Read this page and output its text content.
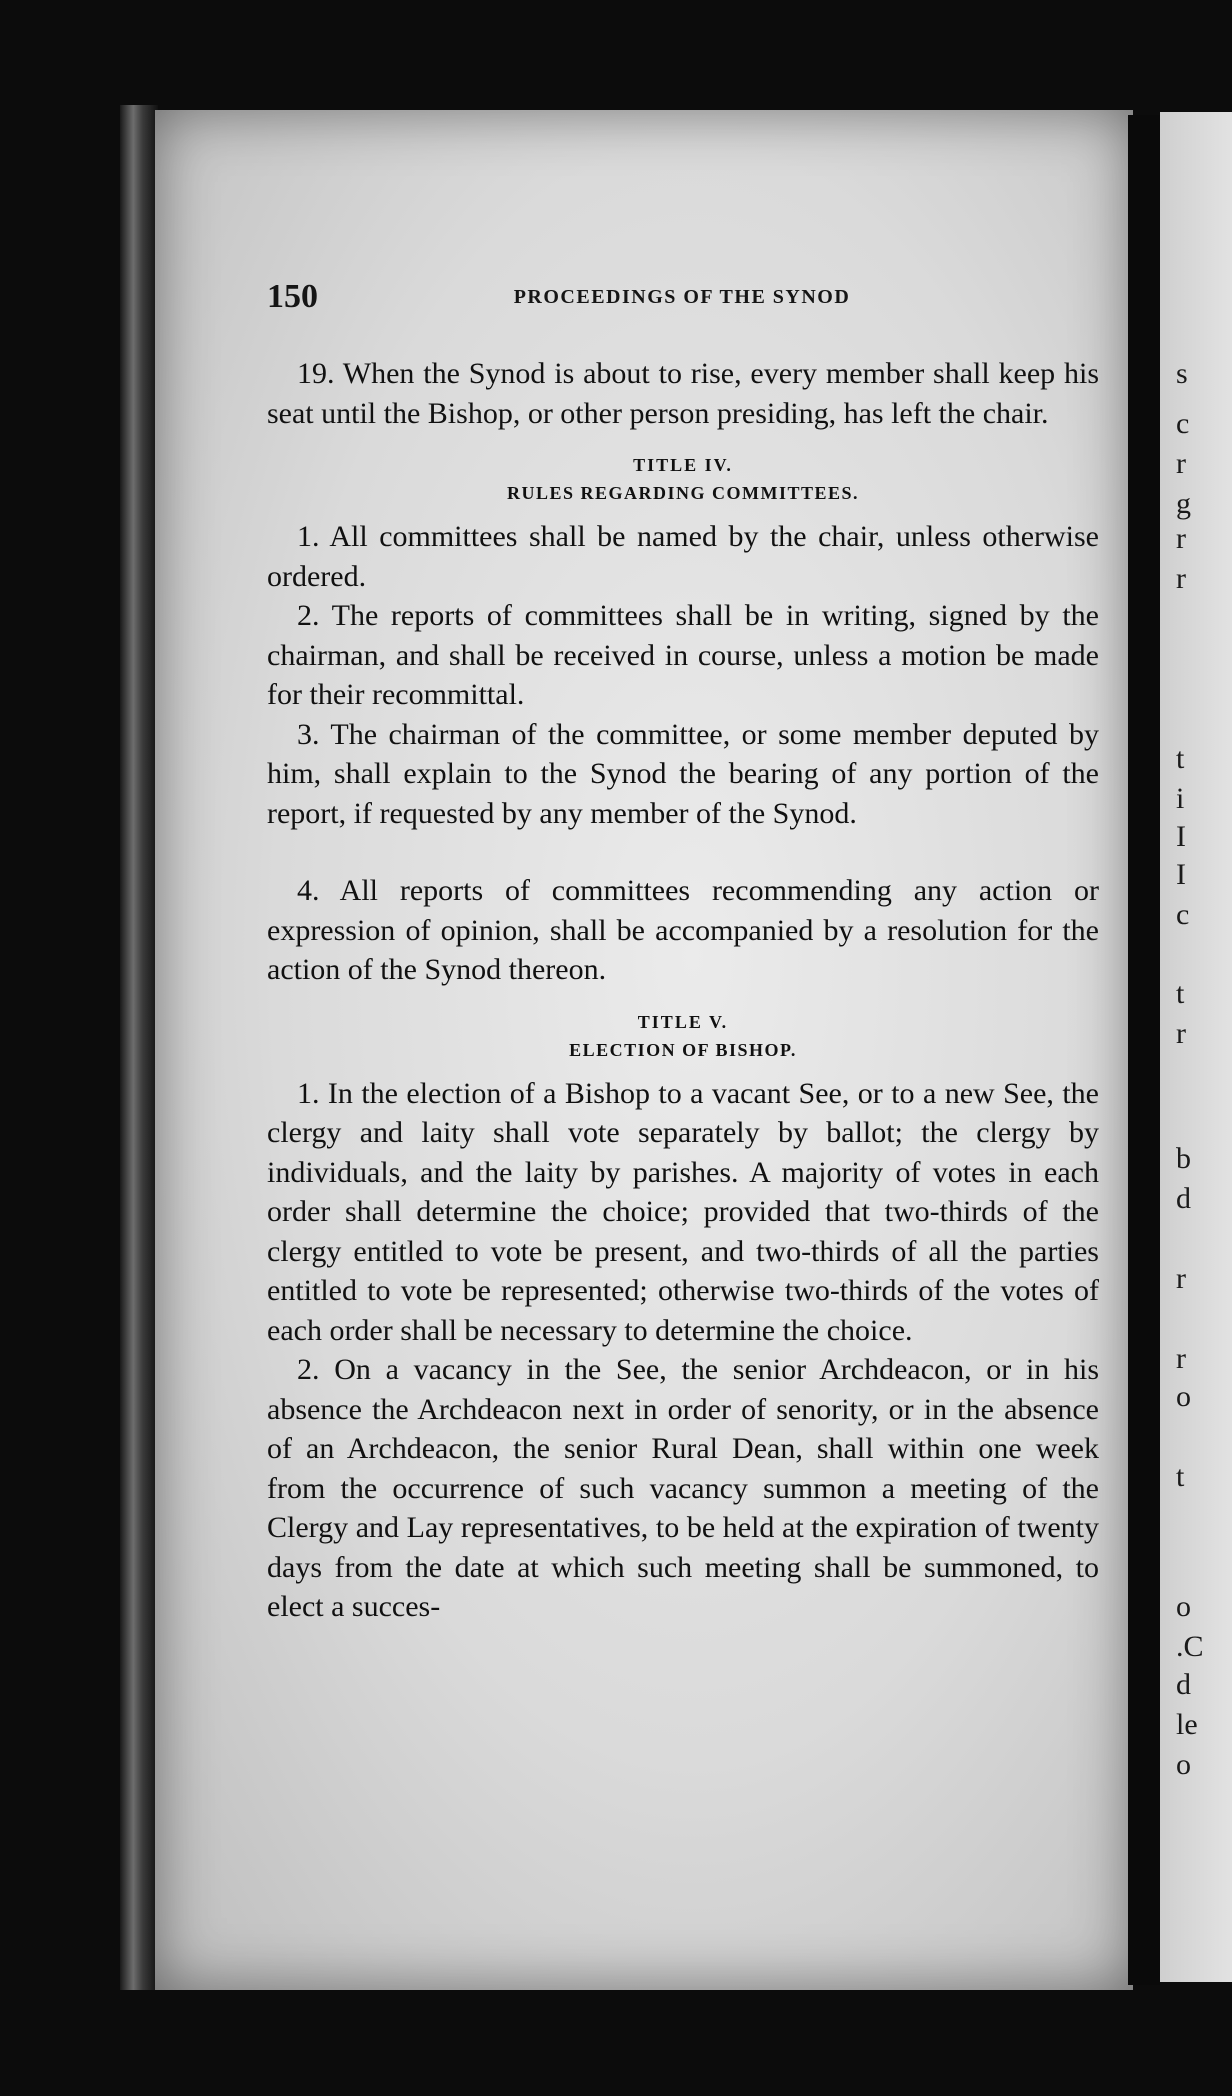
150	PROCEEDINGS OF THE SYNOD

19. When the Synod is about to rise, every member shall keep his seat until the Bishop, or other person presiding, has left the chair.

TITLE IV.
RULES REGARDING COMMITTEES.

1. All committees shall be named by the chair, unless otherwise ordered.

2. The reports of committees shall be in writing, signed by the chairman, and shall be received in course, unless a motion be made for their recommittal.

3. The chairman of the committee, or some member deputed by him, shall explain to the Synod the bearing of any portion of the report, if requested by any member of the Synod.

4. All reports of committees recommending any action or expression of opinion, shall be accompanied by a resolution for the action of the Synod thereon.

TITLE V.
ELECTION OF BISHOP.

1. In the election of a Bishop to a vacant See, or to a new See, the clergy and laity shall vote separately by ballot; the clergy by individuals, and the laity by parishes. A majority of votes in each order shall determine the choice; provided that two-thirds of the clergy entitled to vote be present, and two-thirds of all the parties entitled to vote be represented; otherwise two-thirds of the votes of each order shall be necessary to determine the choice.

2. On a vacancy in the See, the senior Archdeacon, or in his absence the Archdeacon next in order of senority, or in the absence of an Archdeacon, the senior Rural Dean, shall within one week from the occurrence of such vacancy summon a meeting of the Clergy and Lay representatives, to be held at the expiration of twenty days from the date at which such meeting shall be summoned, to elect a succes-

s
c
r
g
r
r
t
i
I
I
c
t
r
b
d
r
r
o
t
o
.C
d
le
o
